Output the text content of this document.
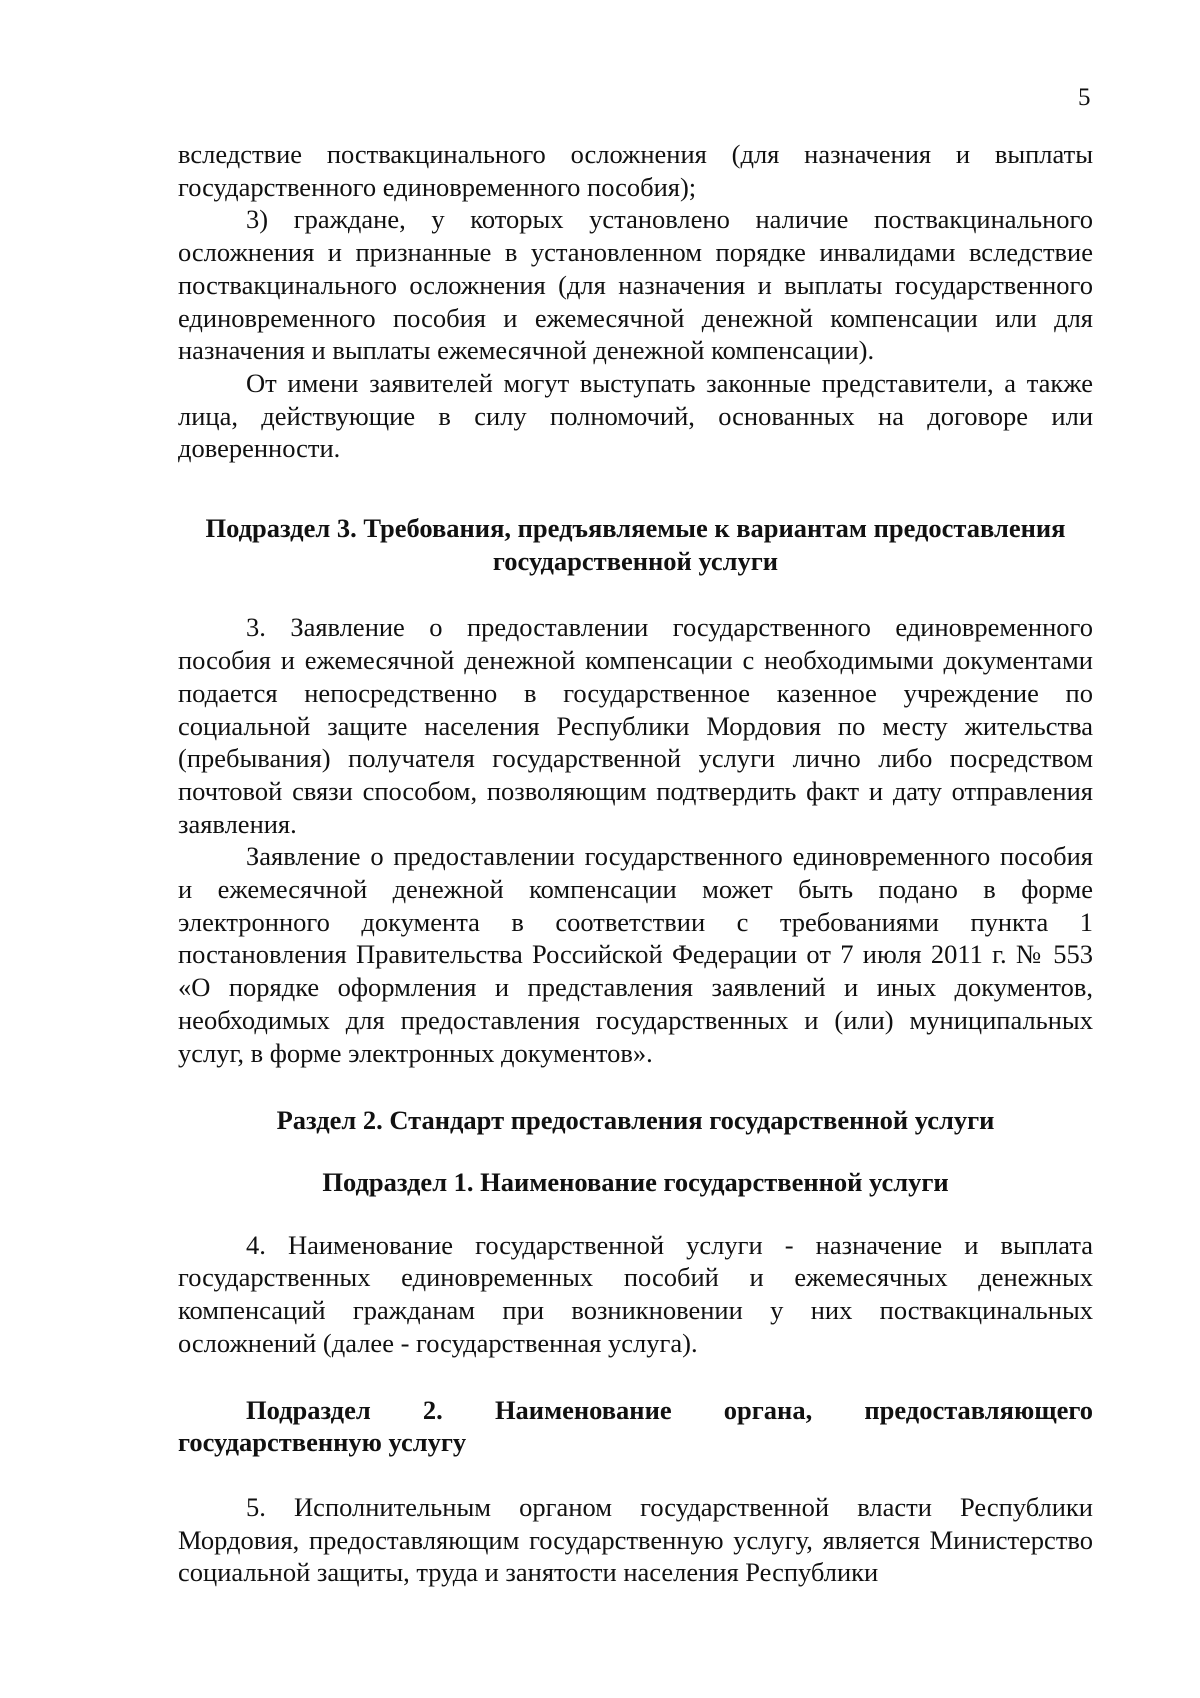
5

вследствие поствакцинального осложнения (для назначения и выплаты государственного единовременного пособия);

3) граждане, у которых установлено наличие поствакцинального осложнения и признанные в установленном порядке инвалидами вследствие поствакцинального осложнения (для назначения и выплаты государственного единовременного пособия и ежемесячной денежной компенсации или для назначения и выплаты ежемесячной денежной компенсации).

От имени заявителей могут выступать законные представители, а также лица, действующие в силу полномочий, основанных на договоре или доверенности.

Подраздел 3. Требования, предъявляемые к вариантам предоставления
государственной услуги

3. Заявление о предоставлении государственного единовременного пособия и ежемесячной денежной компенсации с необходимыми документами подается непосредственно в государственное казенное учреждение по социальной защите населения Республики Мордовия по месту жительства (пребывания) получателя государственной услуги лично либо посредством почтовой связи способом, позволяющим подтвердить факт и дату отправления заявления.

Заявление о предоставлении государственного единовременного пособия и ежемесячной денежной компенсации может быть подано в форме электронного документа в соответствии с требованиями пункта 1 постановления Правительства Российской Федерации от 7 июля 2011 г. № 553 «О порядке оформления и представления заявлений и иных документов, необходимых для предоставления государственных и (или) муниципальных услуг, в форме электронных документов».

Раздел 2. Стандарт предоставления государственной услуги

Подраздел 1. Наименование государственной услуги

4. Наименование государственной услуги - назначение и выплата государственных единовременных пособий и ежемесячных денежных компенсаций гражданам при возникновении у них поствакцинальных осложнений (далее - государственная услуга).

Подраздел 2. Наименование органа, предоставляющего государственную услугу

5. Исполнительным органом государственной власти Республики Мордовия, предоставляющим государственную услугу, является Министерство социальной защиты, труда и занятости населения Республики
